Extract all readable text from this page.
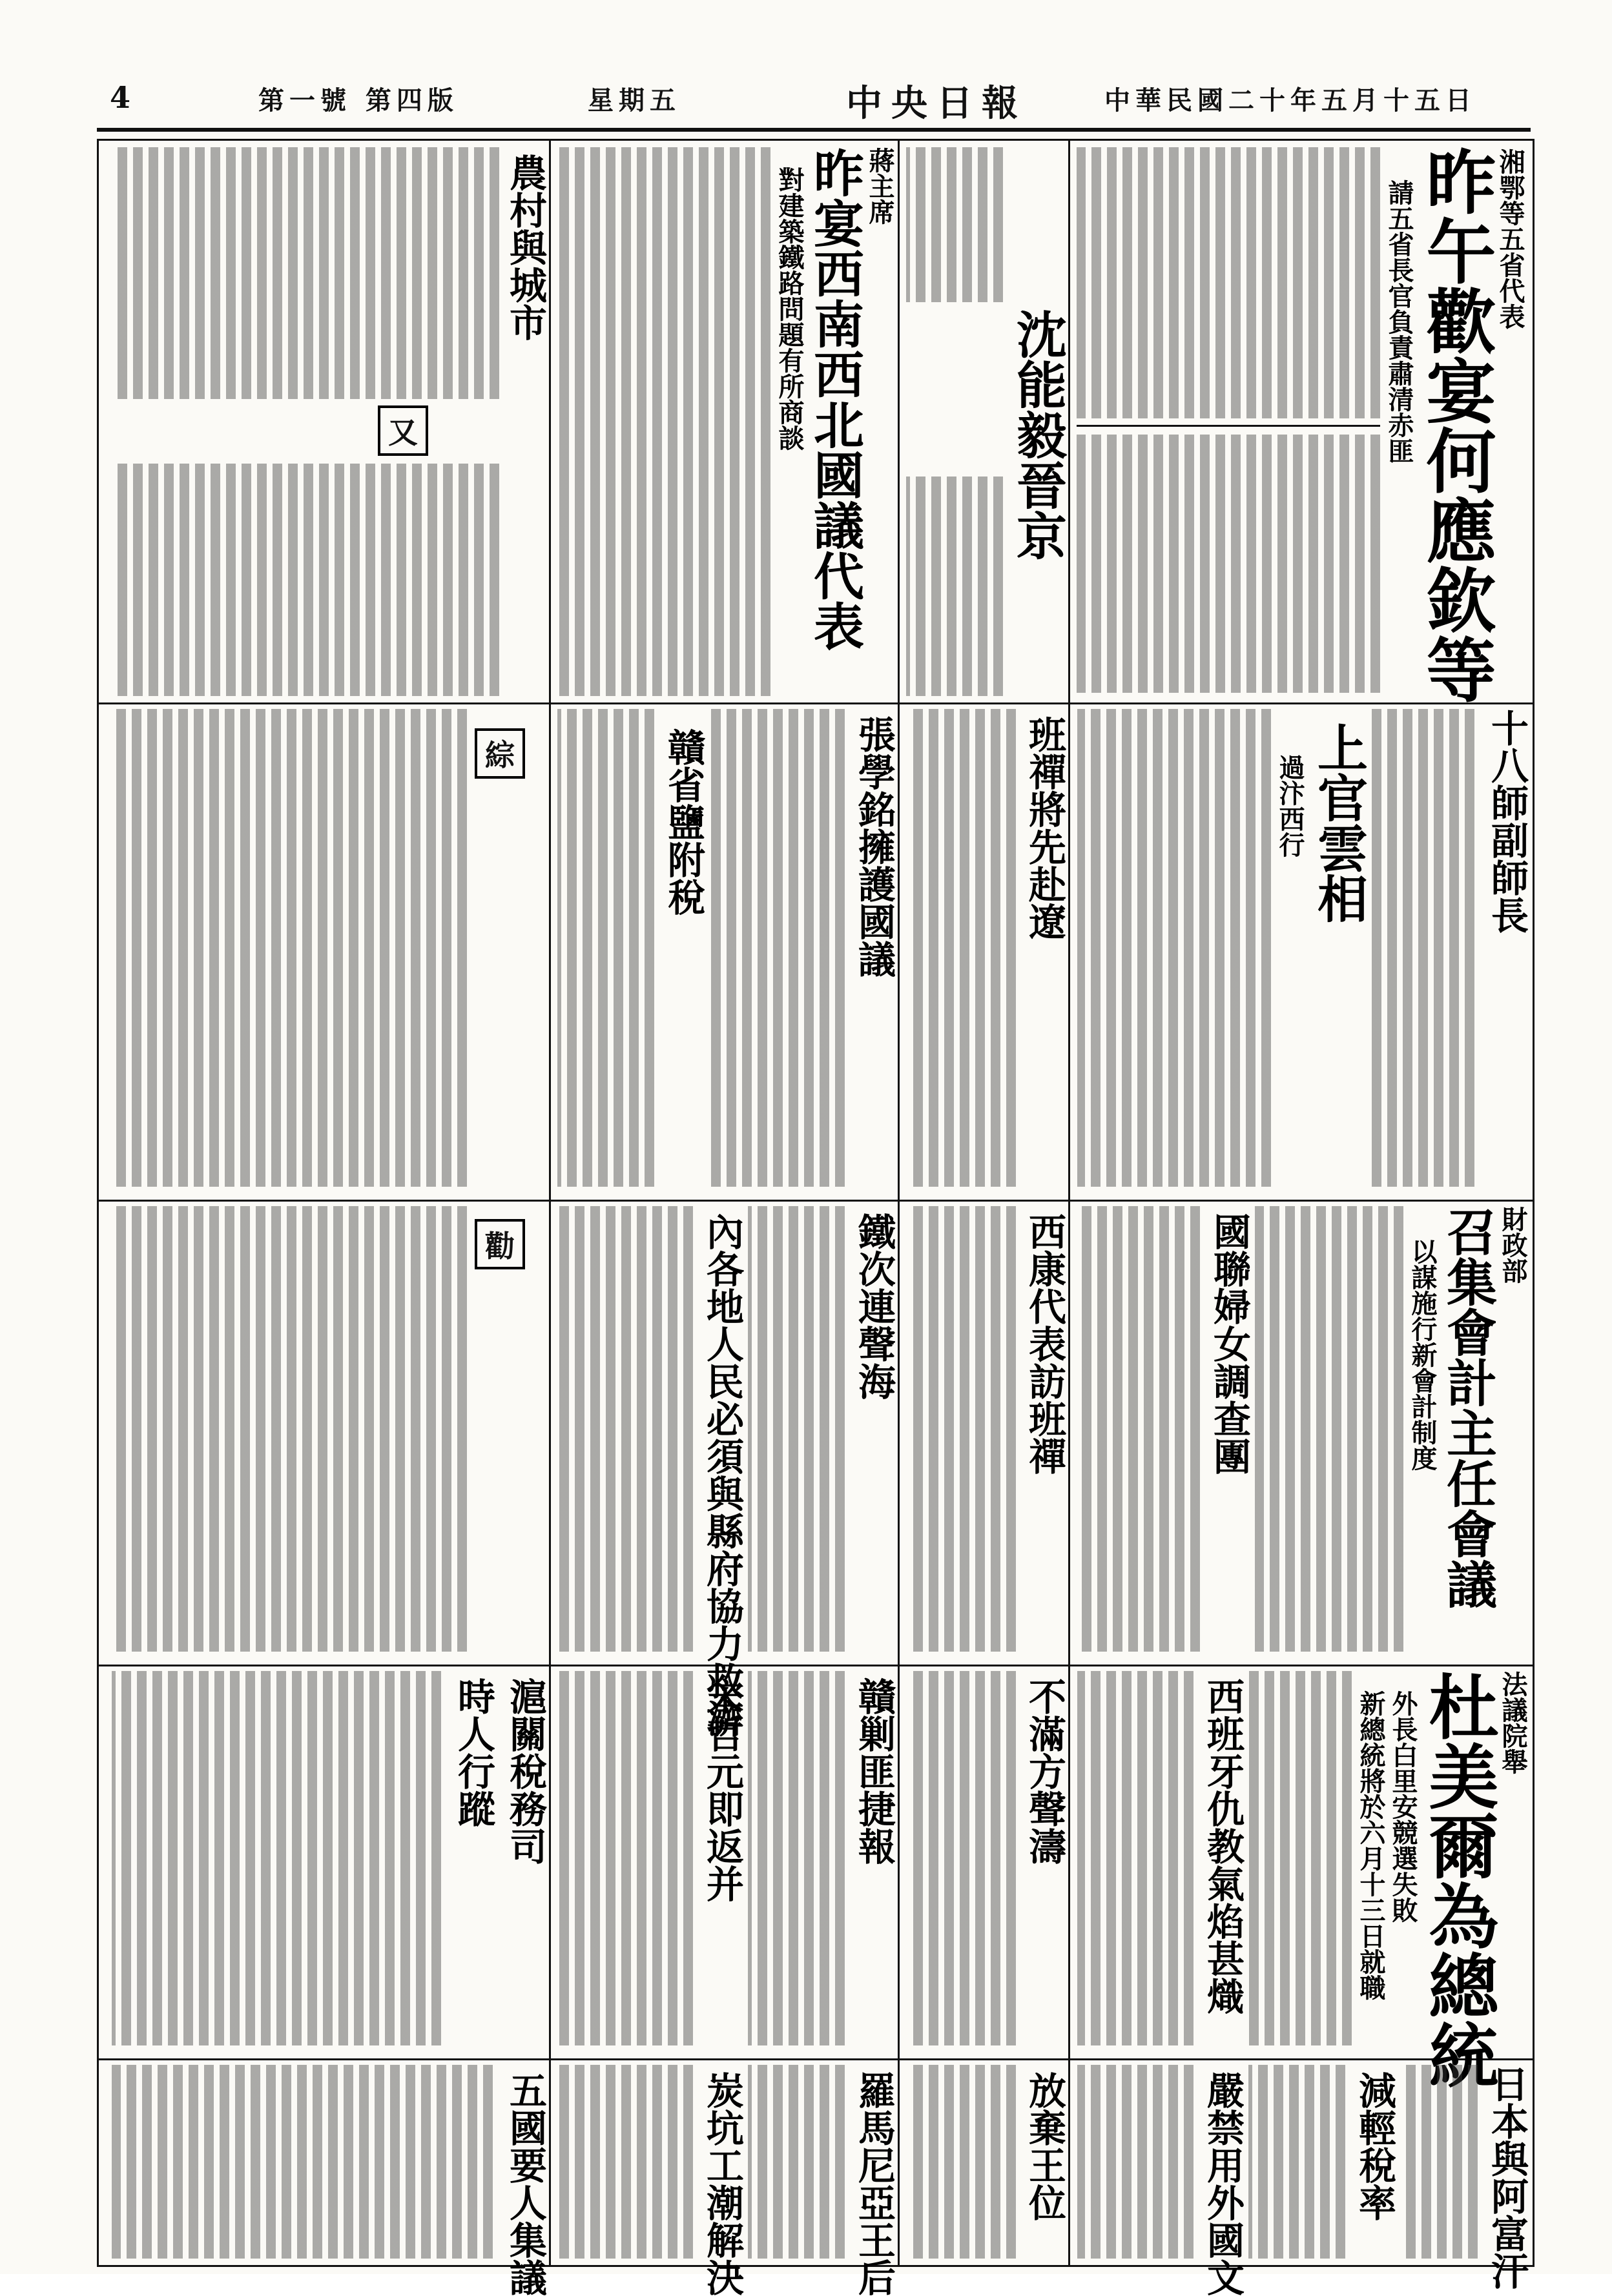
4	第一號 第四版	星期五	中央日報	中華民國二十年五月十五日
湘鄂等五省代表
昨午歡宴何應欽等
請五省長官負責肅清赤匪
沈能毅晉京
蔣主席
昨宴西南西北國議代表
對建築鐵路問題有所商談
農村與城市
又
十八師副師長
上官雲相
過汴西行
班禪將先赴遼
張學銘擁護國議
贛省鹽附稅
綜
財政部
召集會計主任會議
以謀施行新會計制度
國聯婦女調查團
西康代表訪班禪
鐵次連聲海
內各地人民必須與縣府協力救濟
勸
法議院舉
杜美爾為總統
外長白里安競選失敗
新總統將於六月十三日就職
西班牙仇教氣焰甚熾
不滿方聲濤
贛剿匪捷報
宋哲元即返并
滬關稅務司
時人行蹤
日本與阿富汗
減輕稅率
嚴禁用外國文
放棄王位
羅馬尼亞王后
炭坑工潮解決
五國要人集議
